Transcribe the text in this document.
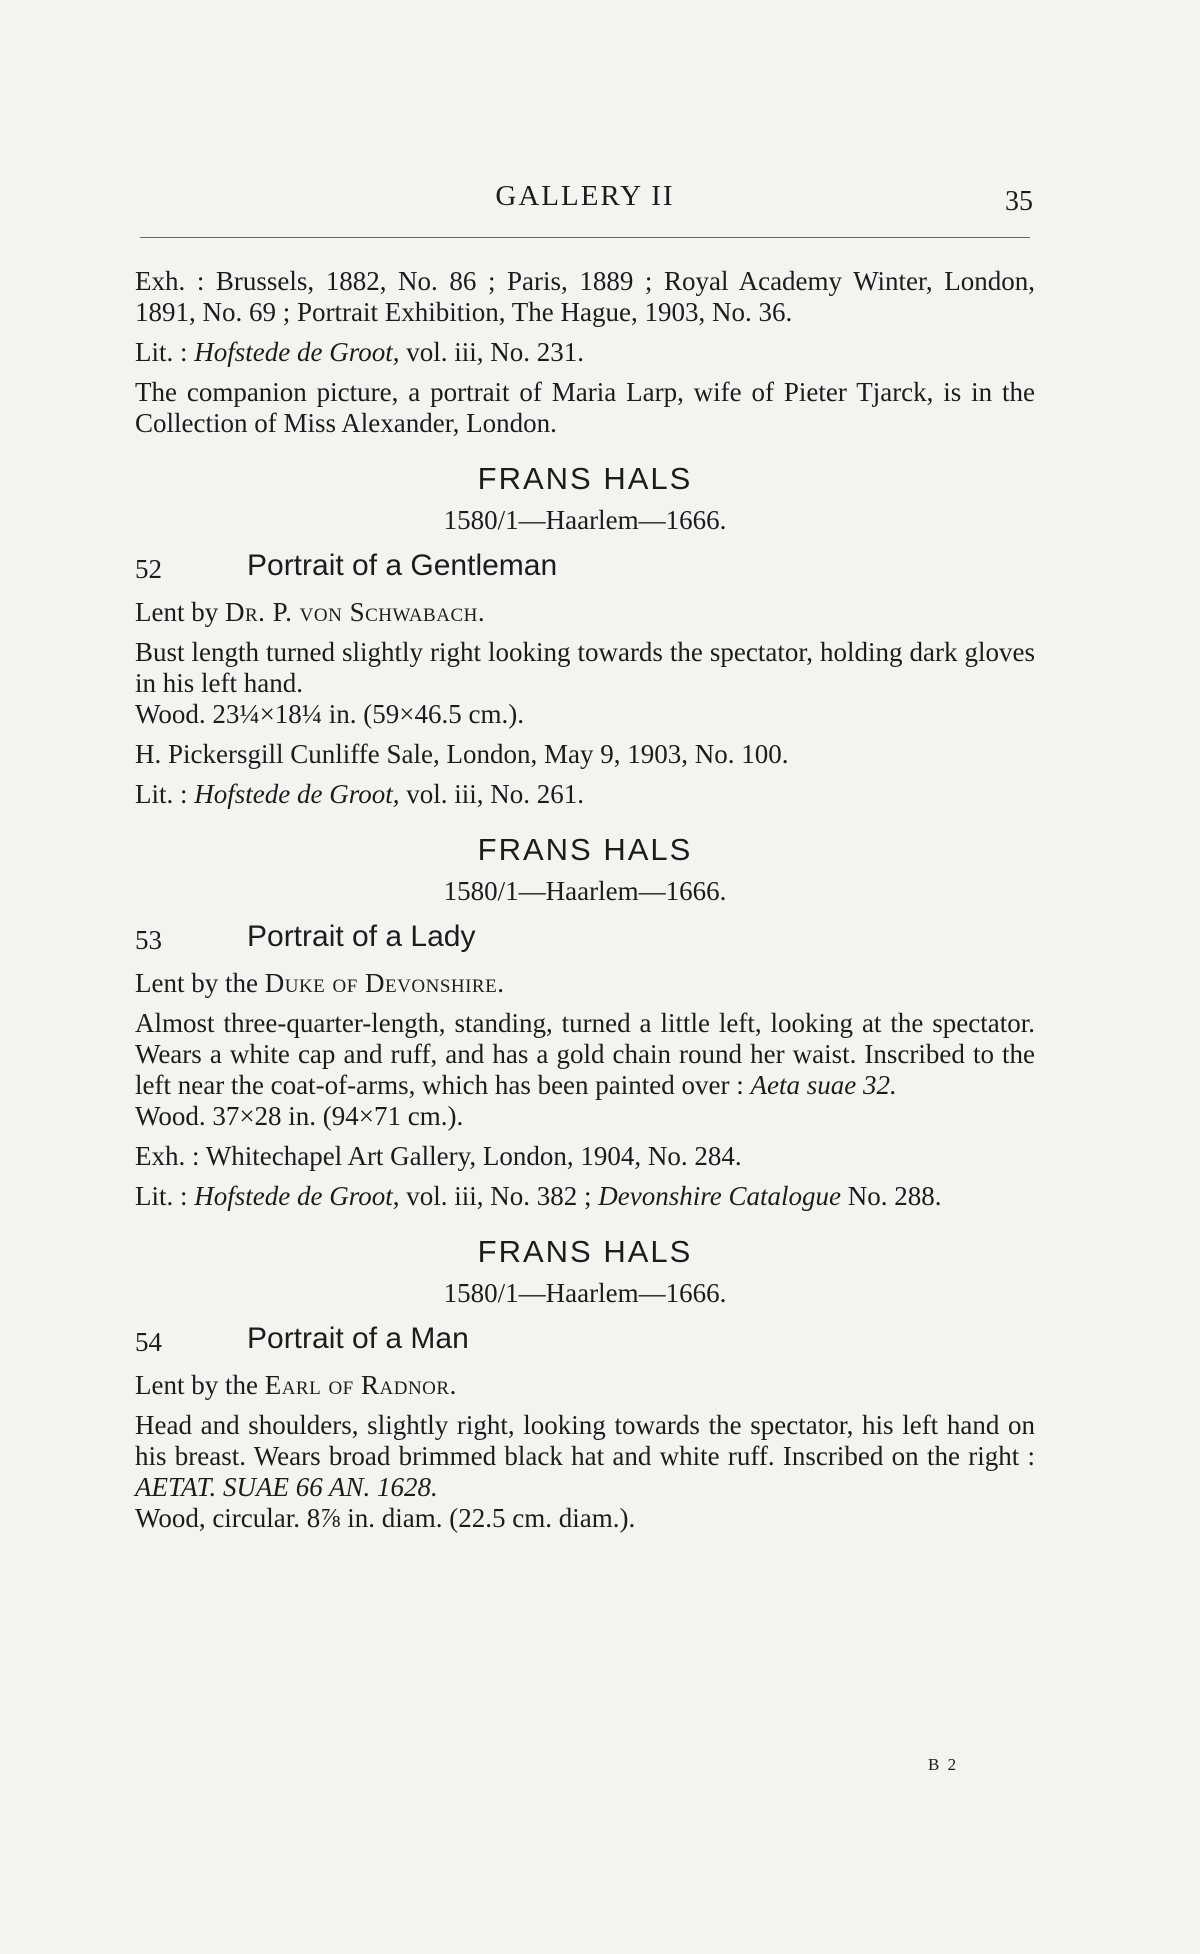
GALLERY II	35

Exh. : Brussels, 1882, No. 86 ; Paris, 1889 ; Royal Academy Winter, London, 1891, No. 69 ; Portrait Exhibition, The Hague, 1903, No. 36.

Lit. : Hofstede de Groot, vol. iii, No. 231.

The companion picture, a portrait of Maria Larp, wife of Pieter Tjarck, is in the Collection of Miss Alexander, London.

FRANS HALS
1580/1—Haarlem—1666.
52	Portrait of a Gentleman

Lent by Dr. P. von Schwabach.

Bust length turned slightly right looking towards the spectator, holding dark gloves in his left hand.

Wood. 23¼×18¼ in. (59×46.5 cm.).

H. Pickersgill Cunliffe Sale, London, May 9, 1903, No. 100.

Lit. : Hofstede de Groot, vol. iii, No. 261.

FRANS HALS
1580/1—Haarlem—1666.
53	Portrait of a Lady

Lent by the Duke of Devonshire.

Almost three-quarter-length, standing, turned a little left, looking at the spectator. Wears a white cap and ruff, and has a gold chain round her waist. Inscribed to the left near the coat-of-arms, which has been painted over : Aeta suae 32.

Wood. 37×28 in. (94×71 cm.).

Exh. : Whitechapel Art Gallery, London, 1904, No. 284.

Lit. : Hofstede de Groot, vol. iii, No. 382 ; Devonshire Catalogue No. 288.

FRANS HALS
1580/1—Haarlem—1666.
54	Portrait of a Man

Lent by the Earl of Radnor.

Head and shoulders, slightly right, looking towards the spectator, his left hand on his breast. Wears broad brimmed black hat and white ruff. Inscribed on the right : AETAT. SUAE 66 AN. 1628.

Wood, circular. 8⅞ in. diam. (22.5 cm. diam.).

B 2
